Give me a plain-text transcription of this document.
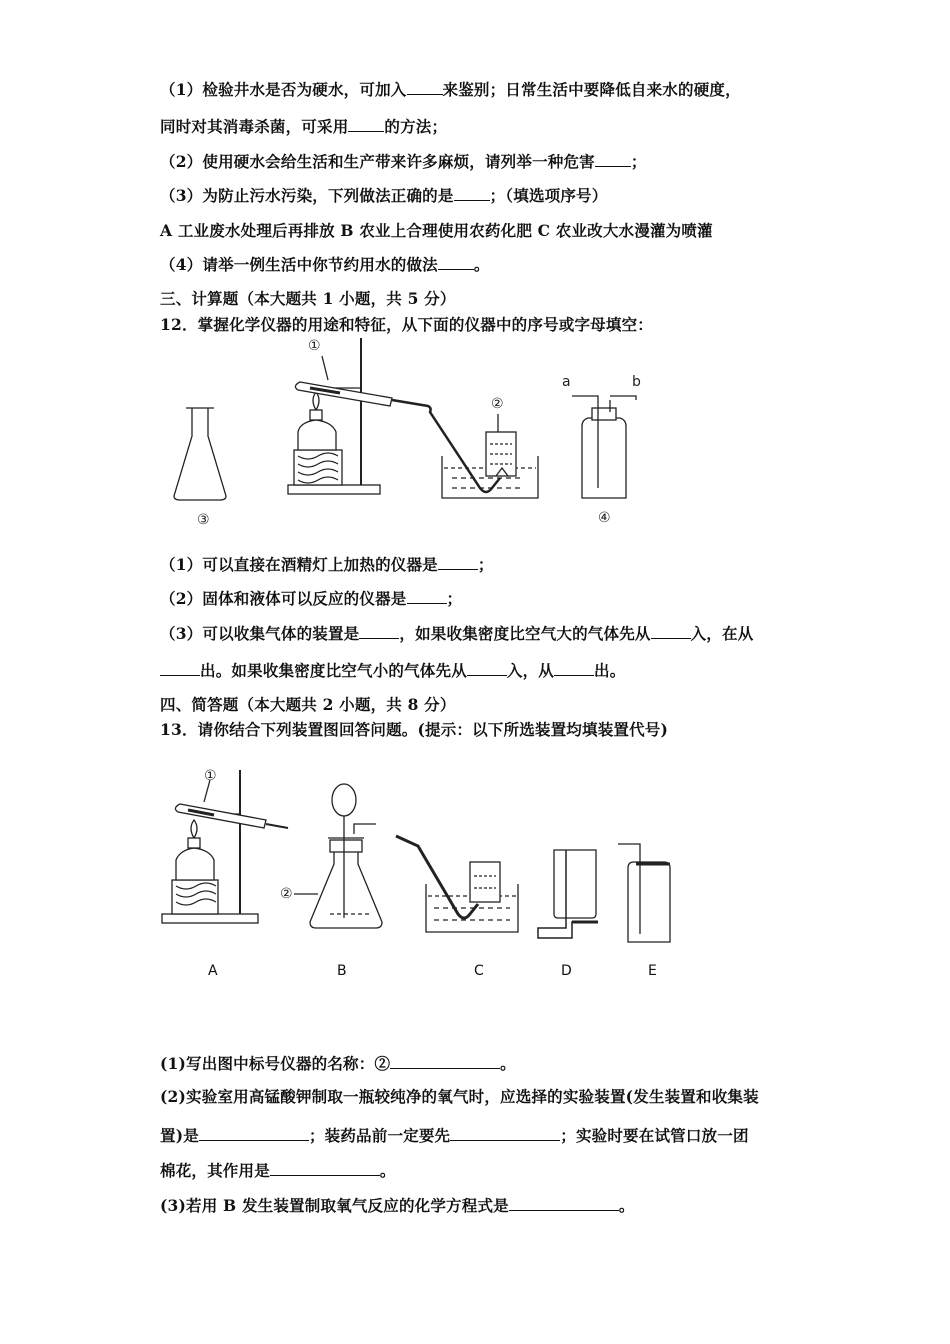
（1）检验井水是否为硬水，可加入 来鉴别；日常生活中要降低自来水的硬度，
同时对其消毒杀菌，可采用 的方法；
（2）使用硬水会给生活和生产带来许多麻烦，请列举一种危害 ；
（3）为防止污水污染，下列做法正确的是 ；（填选项序号）
A 工业废水处理后再排放 B 农业上合理使用农药化肥 C 农业改大水漫灌为喷灌
（4）请举一例生活中你节约用水的做法 。
三、计算题（本大题共 1 小题，共 5 分）
12．掌握化学仪器的用途和特征，从下面的仪器中的序号或字母填空：
①
②
③	④
a	b
（1）可以直接在酒精灯上加热的仪器是	；
（2）固体和液体可以反应的仪器是	；
（3）可以收集气体的装置是	，如果收集密度比空气大的气体先从	入，在从
出。如果收集密度比空气小的气体先从	入，从	出。
四、简答题（本大题共 2 小题，共 8 分）
13．请你结合下列装置图回答问题。(提示：以下所选装置均填装置代号)
①
②
A	B	C	D	E
(1)写出图中标号仪器的名称：②	。
(2)实验室用高锰酸钾制取一瓶较纯净的氧气时，应选择的实验装置(发生装置和收集装
置)是	；装药品前一定要先	；实验时要在试管口放一团
棉花，其作用是	。
(3)若用 B 发生装置制取氧气反应的化学方程式是	。
